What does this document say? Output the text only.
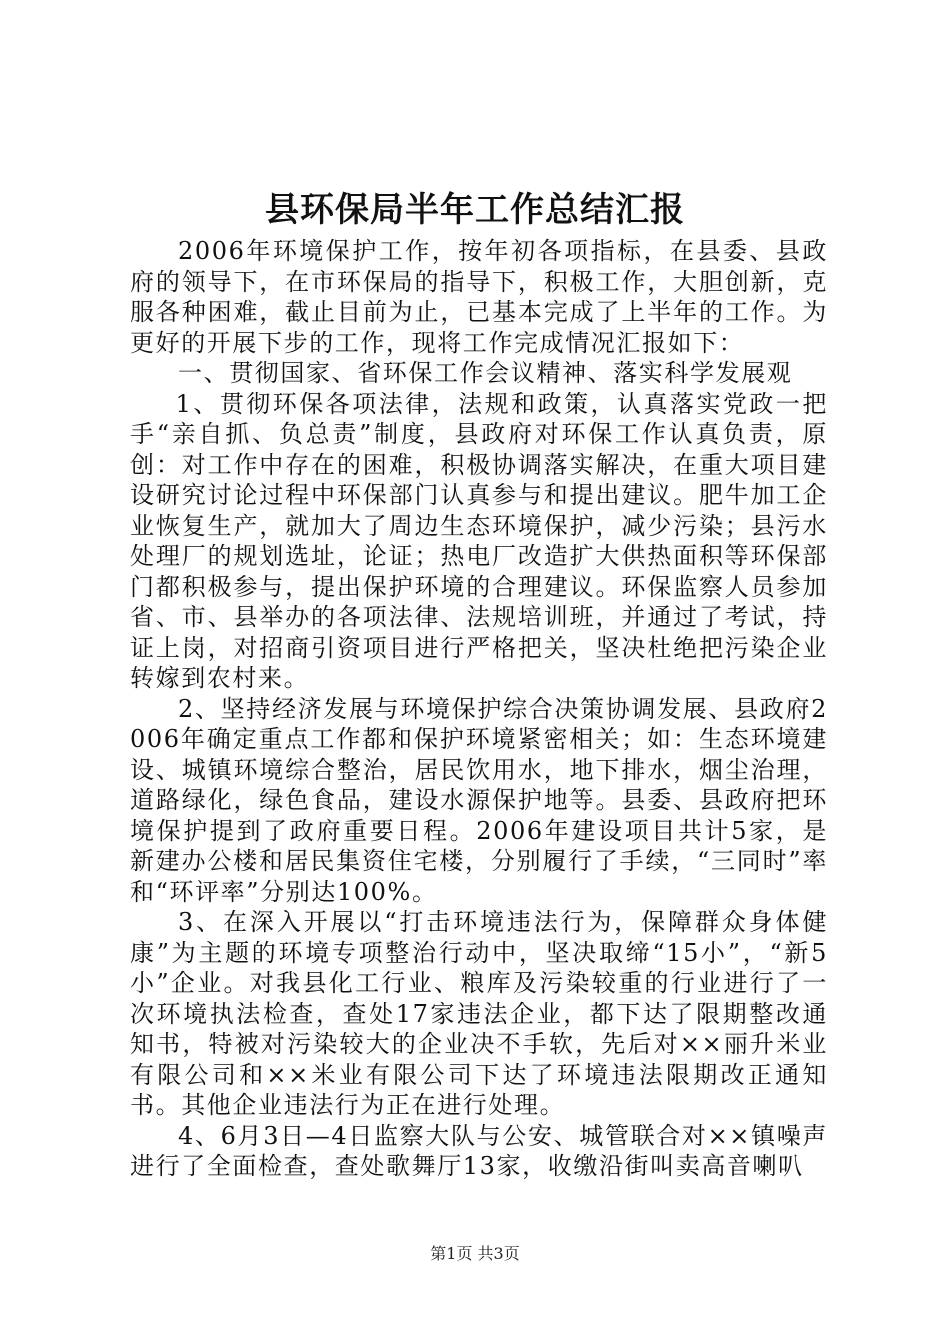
县环保局半年工作总结汇报

2006年环境保护工作，按年初各项指标，在县委、县政府的领导下，在市环保局的指导下，积极工作，大胆创新，克服各种困难，截止目前为止，已基本完成了上半年的工作。为更好的开展下步的工作，现将工作完成情况汇报如下：

一、贯彻国家、省环保工作会议精神、落实科学发展观

1、贯彻环保各项法律，法规和政策，认真落实党政一把手“亲自抓、负总责”制度，县政府对环保工作认真负责，原创：对工作中存在的困难，积极协调落实解决，在重大项目建设研究讨论过程中环保部门认真参与和提出建议。肥牛加工企业恢复生产，就加大了周边生态环境保护，减少污染；县污水处理厂的规划选址，论证；热电厂改造扩大供热面积等环保部门都积极参与，提出保护环境的合理建议。环保监察人员参加省、市、县举办的各项法律、法规培训班，并通过了考试，持证上岗，对招商引资项目进行严格把关，坚决杜绝把污染企业转嫁到农村来。

2、坚持经济发展与环境保护综合决策协调发展、县政府2006年确定重点工作都和保护环境紧密相关；如：生态环境建设、城镇环境综合整治，居民饮用水，地下排水，烟尘治理，道路绿化，绿色食品，建设水源保护地等。县委、县政府把环境保护提到了政府重要日程。2006年建设项目共计5家，是新建办公楼和居民集资住宅楼，分别履行了手续，“三同时”率和“环评率”分别达100%。

3、在深入开展以“打击环境违法行为，保障群众身体健康”为主题的环境专项整治行动中，坚决取缔“15小”，“新5小”企业。对我县化工行业、粮库及污染较重的行业进行了一次环境执法检查，查处17家违法企业，都下达了限期整改通知书，特被对污染较大的企业决不手软，先后对××丽升米业有限公司和××米业有限公司下达了环境违法限期改正通知书。其他企业违法行为正在进行处理。

4、6月3日—4日监察大队与公安、城管联合对××镇噪声进行了全面检查，查处歌舞厅13家，收缴沿街叫卖高音喇叭

第1页 共3页
